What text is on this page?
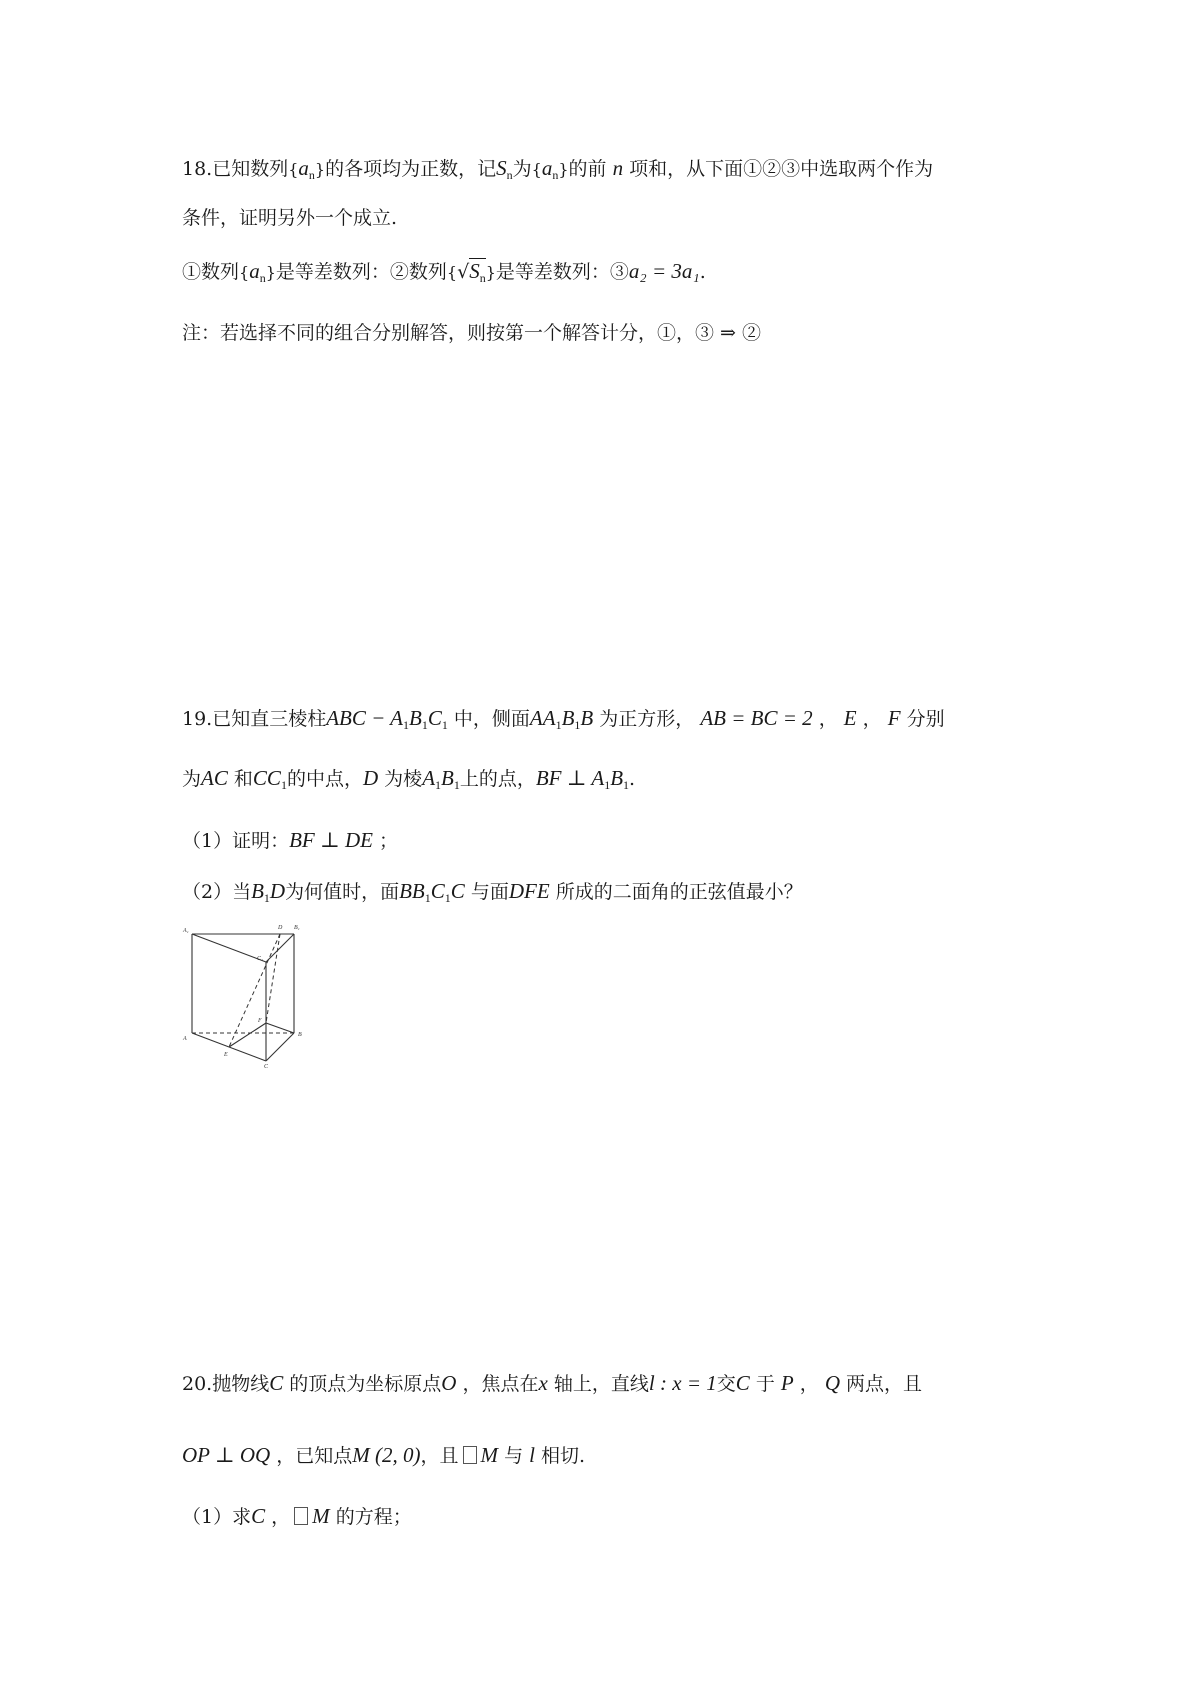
18.已知数列$\{a_n\}$的各项均为正数，记$S_n$为$\{a_n\}$的前 n 项和，从下面①②③中选取两个作为
条件，证明另外一个成立.
①数列$\{a_n\}$是等差数列：②数列$\{√S_n\}$是等差数列：③a₂ = 3a₁.
注：若选择不同的组合分别解答，则按第一个解答计分，①，③ ⇒ ②
19.已知直三棱柱ABC − $A_1B_1C_1$ 中，侧面$AA_1B_1B$ 为正方形， AB = BC = 2 ， E ， F 分别
为AC 和$CC_1$的中点，D 为棱$A_1B_1$上的点，BF ⊥ $A_1B_1$.
（1）证明：BF ⊥ DE ；
（2）当$B_1D$为何值时，面$BB_1C_1C$ 与面DFE 所成的二面角的正弦值最小？
A₁	D B₁
C₁
F
A
B
E
C
20.抛物线C 的顶点为坐标原点O ，焦点在x 轴上，直线l : x = 1交C 于 P ， Q 两点，且
OP ⊥ OQ ，已知点M (2, 0)，且 M 与 l 相切.
（1）求C ， M 的方程；
